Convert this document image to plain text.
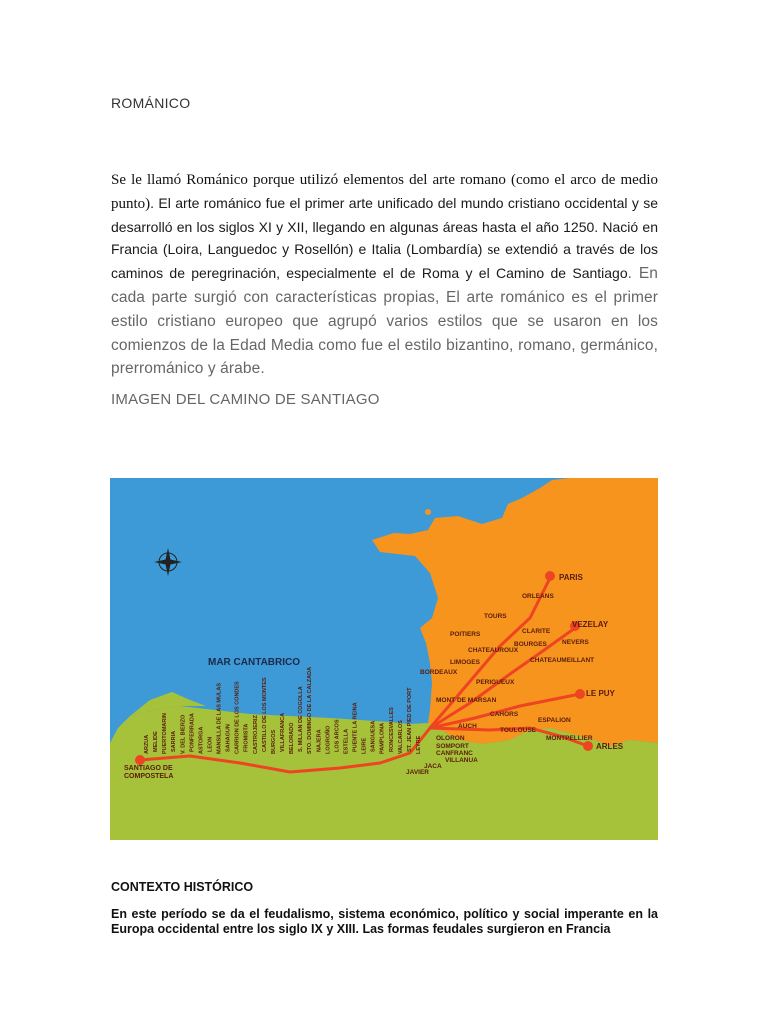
ROMÁNICO
Se le llamó Románico porque utilizó elementos del arte romano (como el arco de medio punto). El arte románico fue el primer arte unificado del mundo cristiano occidental y se desarrolló en los siglos XI y XII, llegando en algunas áreas hasta el año 1250. Nació en Francia (Loira, Languedoc y Rosellón) e Italia (Lombardía) se extendió a través de los caminos de peregrinación, especialmente el de Roma y el Camino de Santiago. En cada parte surgió con características propias, El arte románico es el primer estilo cristiano europeo que agrupó varios estilos que se usaron en los comienzos de la Edad Media como fue el estilo bizantino, romano, germánico, prerrománico y árabe.
IMAGEN DEL CAMINO DE SANTIAGO
MAR CANTABRICO
PARIS
ORLEANS
TOURS
VEZELAY
POITIERS	CLARITE
BOURGES NEVERS
CHATEAUROUX
LIMOGES	CHATEAUMEILLANT
BORDEAUX
PERIGUEUX
MONT DE MARSAN
LE PUY
CAHORS
ESPALION
AUCH
TOULOUSE
MONTPELLIER
OLORON
SOMPORT
CANFRANC
ARLES
VILLANUA
JACA
JAVIER
SANTIAGO DE
COMPOSTELA
ARZUA MELIDE PUERTOMARIN SARRIA V. DEL BIERZO PONFERRADA ASTORGA LEON MANSILLA DE LAS MULAS SAHAGUN CARRION DE LOS CONDES FROMISTA CASTROJERIZ CASTILLO DE LOS MONTES BURGOS VILLAFRANCA BELORADO S. MILLAN DE COGOLLA STO. DOMINGO DE LA CALZADA NAJERA LOGROÑO LOS ARCOS ESTELLA PUENTE LA REINA LEIRE SANGUESA PAMPLONA RONCESVALLES VALCARLOS ST. JEAN PIED DE PORT LEYRE
CONTEXTO HISTÓRICO
En este período se da el feudalismo, sistema económico, político y social imperante en la Europa occidental entre los siglo IX y XIII. Las formas feudales surgieron en Francia
